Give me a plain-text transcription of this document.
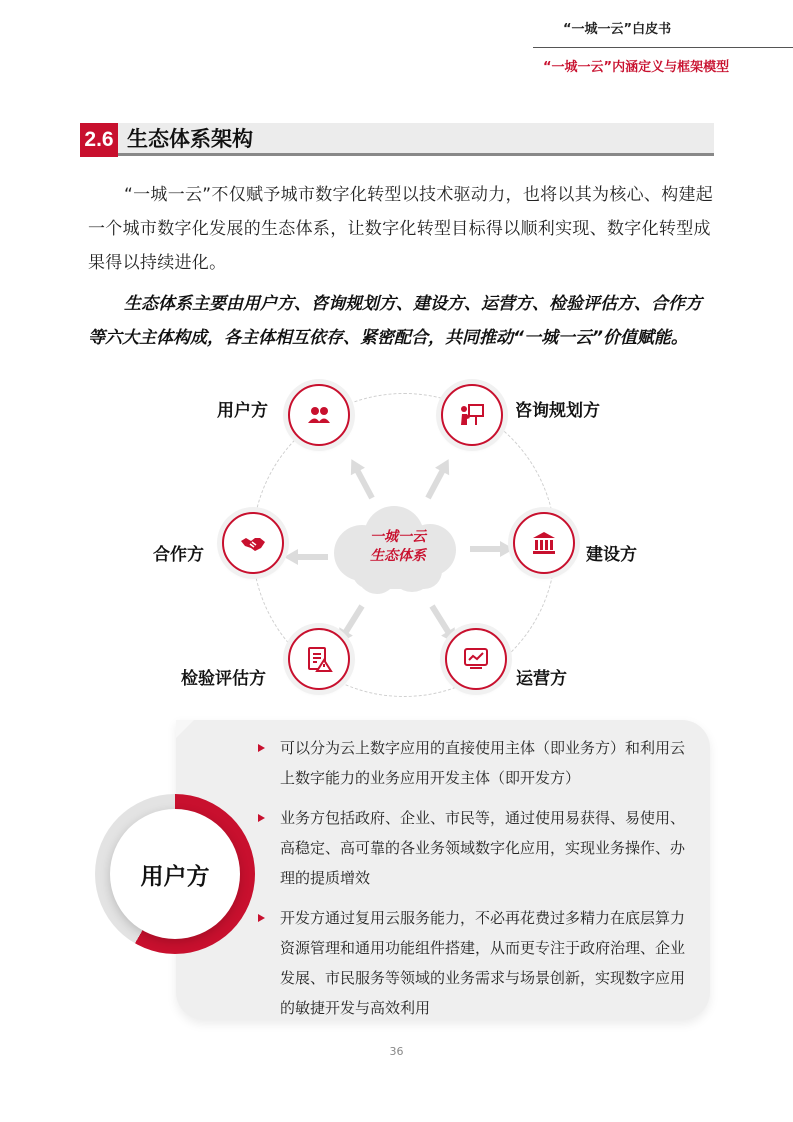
“一城一云”白皮书
“一城一云”内涵定义与框架模型
2.6 生态体系架构

“一城一云”不仅赋予城市数字化转型以技术驱动力，也将以其为核心、构建起一个城市数字化发展的生态体系，让数字化转型目标得以顺利实现、数字化转型成果得以持续进化。

生态体系主要由用户方、咨询规划方、建设方、运营方、检验评估方、合作方等六大主体构成，各主体相互依存、紧密配合，共同推动“一城一云”价值赋能。

一城一云
生态体系
用户方	咨询规划方
建设方
运营方
检验评估方
合作方
用户方
可以分为云上数字应用的直接使用主体（即业务方）和利用云上数字能力的业务应用开发主体（即开发方）
业务方包括政府、企业、市民等，通过使用易获得、易使用、高稳定、高可靠的各业务领域数字化应用，实现业务操作、办理的提质增效
开发方通过复用云服务能力，不必再花费过多精力在底层算力资源管理和通用功能组件搭建，从而更专注于政府治理、企业发展、市民服务等领域的业务需求与场景创新，实现数字应用的敏捷开发与高效利用
36
